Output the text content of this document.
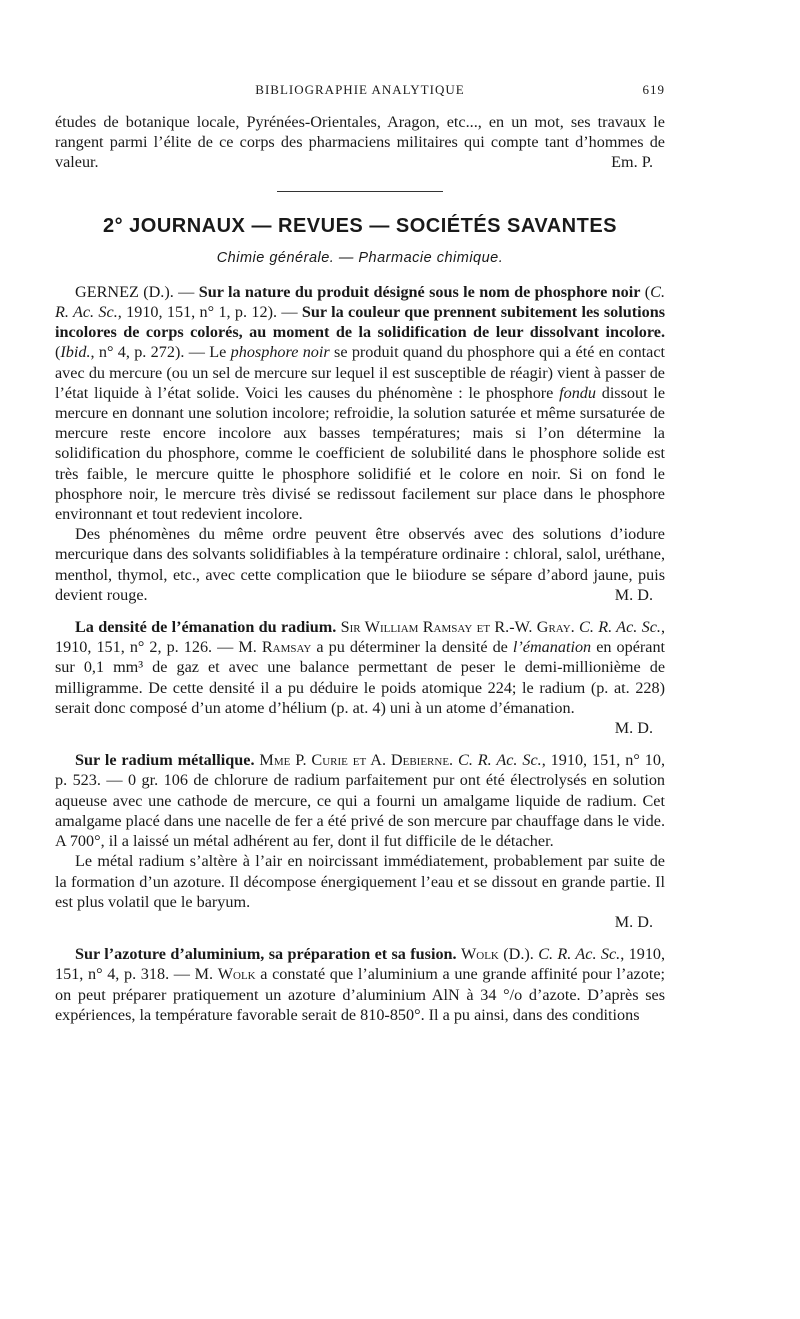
BIBLIOGRAPHIE ANALYTIQUE	619

études de botanique locale, Pyrénées-Orientales, Aragon, etc..., en un mot, ses travaux le rangent parmi l’élite de ce corps des pharmaciens militaires qui compte tant d’hommes de valeur.	Em. P.

2° JOURNAUX — REVUES — SOCIÉTÉS SAVANTES
Chimie générale. — Pharmacie chimique.

GERNEZ (D.). — Sur la nature du produit désigné sous le nom de phosphore noir (C. R. Ac. Sc., 1910, 151, n° 1, p. 12). — Sur la couleur que prennent subitement les solutions incolores de corps colorés, au moment de la solidification de leur dissolvant incolore. (Ibid., n° 4, p. 272). — Le phosphore noir se produit quand du phosphore qui a été en contact avec du mercure (ou un sel de mercure sur lequel il est susceptible de réagir) vient à passer de l’état liquide à l’état solide. Voici les causes du phénomène : le phosphore fondu dissout le mercure en donnant une solution incolore; refroidie, la solution saturée et même sursaturée de mercure reste encore incolore aux basses températures; mais si l’on détermine la solidification du phosphore, comme le coefficient de solubilité dans le phosphore solide est très faible, le mercure quitte le phosphore solidifié et le colore en noir. Si on fond le phosphore noir, le mercure très divisé se redissout facilement sur place dans le phosphore environnant et tout redevient incolore.

Des phénomènes du même ordre peuvent être observés avec des solutions d’iodure mercurique dans des solvants solidifiables à la température ordinaire : chloral, salol, uréthane, menthol, thymol, etc., avec cette complication que le biiodure se sépare d’abord jaune, puis devient rouge.	M. D.

La densité de l’émanation du radium. Sir William Ramsay et R.-W. Gray. C. R. Ac. Sc., 1910, 151, n° 2, p. 126. — M. Ramsay a pu déterminer la densité de l’émanation en opérant sur 0,1 mm³ de gaz et avec une balance permettant de peser le demi-millionième de milligramme. De cette densité il a pu déduire le poids atomique 224; le radium (p. at. 228) serait donc composé d’un atome d’hélium (p. at. 4) uni à un atome d’émanation.

M. D.

Sur le radium métallique. Mme P. Curie et A. Debierne. C. R. Ac. Sc., 1910, 151, n° 10, p. 523. — 0 gr. 106 de chlorure de radium parfaitement pur ont été électrolysés en solution aqueuse avec une cathode de mercure, ce qui a fourni un amalgame liquide de radium. Cet amalgame placé dans une nacelle de fer a été privé de son mercure par chauffage dans le vide. A 700°, il a laissé un métal adhérent au fer, dont il fut difficile de le détacher.

Le métal radium s’altère à l’air en noircissant immédiatement, probablement par suite de la formation d’un azoture. Il décompose énergiquement l’eau et se dissout en grande partie. Il est plus volatil que le baryum.

M. D.

Sur l’azoture d’aluminium, sa préparation et sa fusion. Wolk (D.). C. R. Ac. Sc., 1910, 151, n° 4, p. 318. — M. Wolk a constaté que l’aluminium a une grande affinité pour l’azote; on peut préparer pratiquement un azoture d’aluminium AlN à 34 °/o d’azote. D’après ses expériences, la température favorable serait de 810-850°. Il a pu ainsi, dans des conditions
